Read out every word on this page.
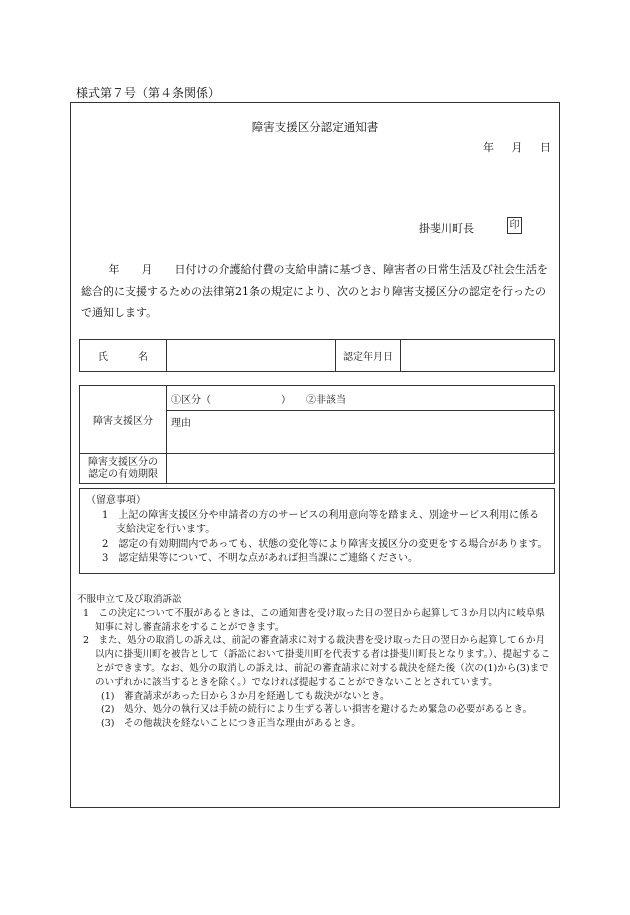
様式第７号（第４条関係）
障害支援区分認定通知書
年 月 日
掛斐川町長	印
年　　月　　日付けの介護給付費の支給申請に基づき、障害者の日常生活及び社会生活を総合的に支援するための法律第21条の規定により、次のとおり障害支援区分の認定を行ったので通知します。
氏　　　名		認定年月日	
障害支援区分	①区分（　　　　　　　）　　②非該当
	理由

障害支援区分の
認定の有効期限	

（留意事項）
1　上記の障害支援区分や申請者の方のサービスの利用意向等を踏まえ、別途サービス利用に係る支給決定を行います。
2　認定の有効期間内であっても、状態の変化等により障害支援区分の変更をする場合があります。
3　認定結果等について、不明な点があれば担当課にご連絡ください。
不服申立て及び取消訴訟
1　この決定について不服があるときは、この通知書を受け取った日の翌日から起算して３か月以内に岐阜県知事に対し審査請求をすることができます。
2　また、処分の取消しの訴えは、前記の審査請求に対する裁決書を受け取った日の翌日から起算して６か月以内に掛斐川町を被告として（訴訟において掛斐川町を代表する者は掛斐川町長となります。）、提起することができます。なお、処分の取消しの訴えは、前記の審査請求に対する裁決を経た後（次の(1)から(3)までのいずれかに該当するときを除く。）でなければ提起することができないこととされています。
(1)　審査請求があった日から３か月を経過しても裁決がないとき。
(2)　処分、処分の執行又は手続の続行により生ずる著しい損害を避けるため緊急の必要があるとき。
(3)　その他裁決を経ないことにつき正当な理由があるとき。
